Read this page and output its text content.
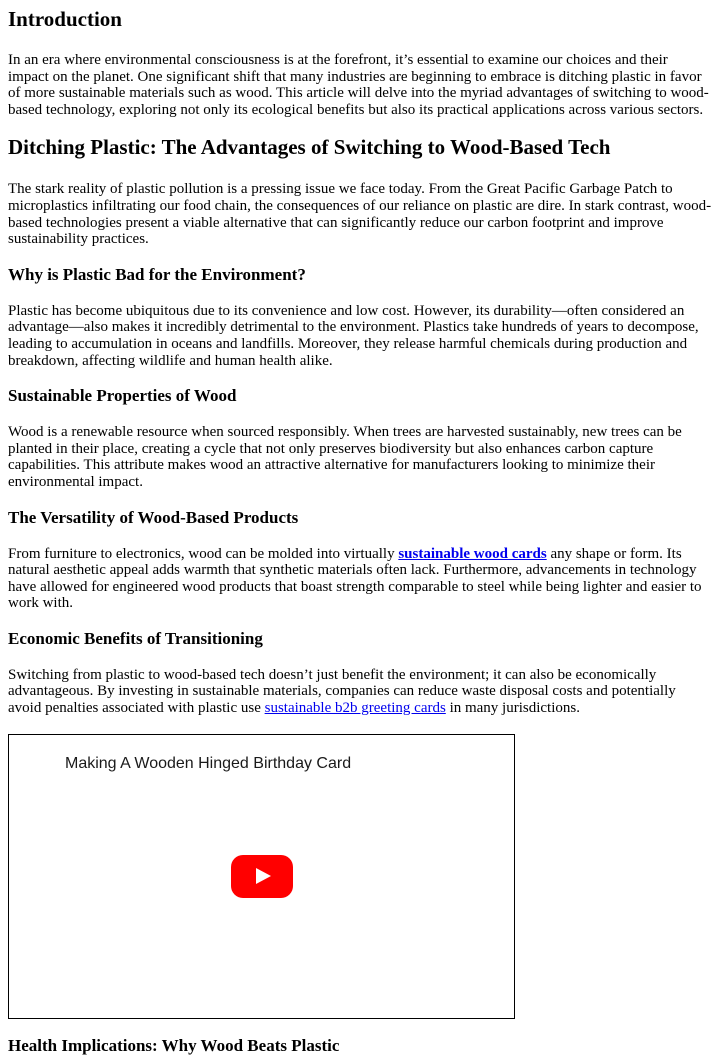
Introduction

In an era where environmental consciousness is at the forefront, it’s essential to examine our choices and their impact on the planet. One significant shift that many industries are beginning to embrace is ditching plastic in favor of more sustainable materials such as wood. This article will delve into the myriad advantages of switching to wood-based technology, exploring not only its ecological benefits but also its practical applications across various sectors.

Ditching Plastic: The Advantages of Switching to Wood-Based Tech

The stark reality of plastic pollution is a pressing issue we face today. From the Great Pacific Garbage Patch to microplastics infiltrating our food chain, the consequences of our reliance on plastic are dire. In stark contrast, wood-based technologies present a viable alternative that can significantly reduce our carbon footprint and improve sustainability practices.

Why is Plastic Bad for the Environment?

Plastic has become ubiquitous due to its convenience and low cost. However, its durability—often considered an advantage—also makes it incredibly detrimental to the environment. Plastics take hundreds of years to decompose, leading to accumulation in oceans and landfills. Moreover, they release harmful chemicals during production and breakdown, affecting wildlife and human health alike.

Sustainable Properties of Wood

Wood is a renewable resource when sourced responsibly. When trees are harvested sustainably, new trees can be planted in their place, creating a cycle that not only preserves biodiversity but also enhances carbon capture capabilities. This attribute makes wood an attractive alternative for manufacturers looking to minimize their environmental impact.

The Versatility of Wood-Based Products

From furniture to electronics, wood can be molded into virtually sustainable wood cards any shape or form. Its natural aesthetic appeal adds warmth that synthetic materials often lack. Furthermore, advancements in technology have allowed for engineered wood products that boast strength comparable to steel while being lighter and easier to work with.

Economic Benefits of Transitioning

Switching from plastic to wood-based tech doesn’t just benefit the environment; it can also be economically advantageous. By investing in sustainable materials, companies can reduce waste disposal costs and potentially avoid penalties associated with plastic use sustainable b2b greeting cards in many jurisdictions.

Making A Wooden Hinged Birthday Card
Health Implications: Why Wood Beats Plastic
